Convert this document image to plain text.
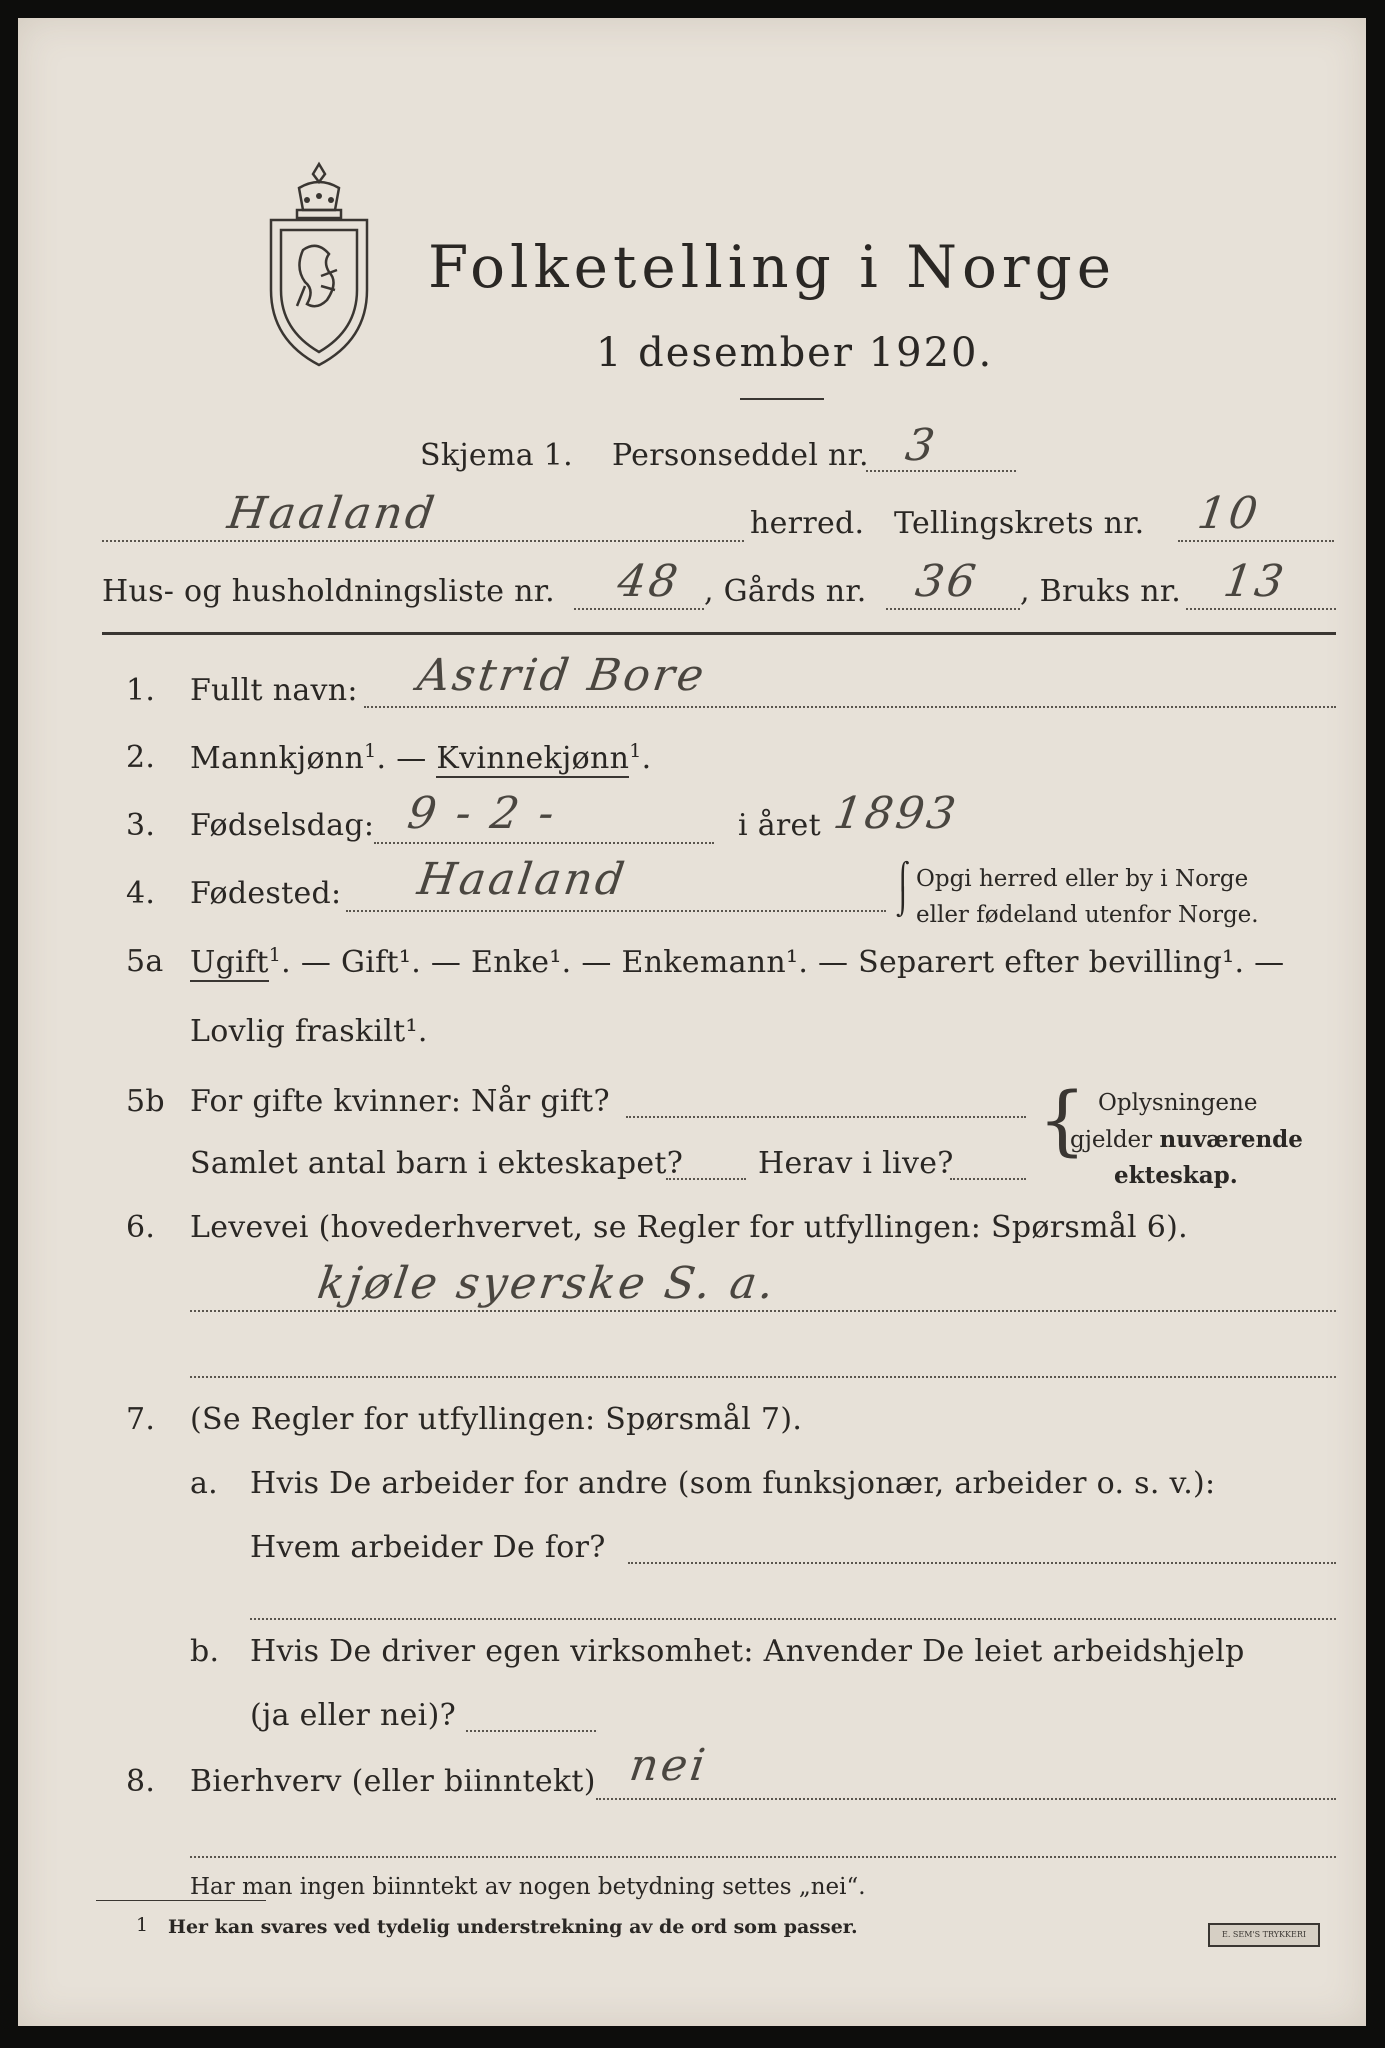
Folketelling i Norge
1 desember 1920.
Skjema 1. Personseddel nr. 3
Haaland	herred. Tellingskrets nr. 10
Hus- og husholdningsliste nr. 48 , Gårds nr. 36 , Bruks nr. 13
1. Fullt navn: Astrid Bore
2. Mannkjønn$^1$. — Kvinnekjønn$^1$.
3. Fødselsdag: 9 - 2 -	i året 1893
4. Fødested: Haaland	⌠
⌡
Opgi herred eller by i Norge
eller fødeland utenfor Norge.
5a Ugift$^1$. — Gift¹. — Enke¹. — Enkemann¹. — Separert efter bevilling¹. —
Lovlig fraskilt¹.
5b For gifte kvinner: Når gift?
Samlet antal barn i ekteskapet? Herav i live? { Oplysningene
gjelder nuværende
ekteskap.
6. Levevei (hovederhvervet, se Regler for utfyllingen: Spørsmål 6).
kjøle syerske S. a.
7. (Se Regler for utfyllingen: Spørsmål 7).
a. Hvis De arbeider for andre (som funksjonær, arbeider o. s. v.):
Hvem arbeider De for?
b. Hvis De driver egen virksomhet: Anvender De leiet arbeidshjelp
(ja eller nei)?
8. Bierhverv (eller biinntekt) nei
Har man ingen biinntekt av nogen betydning settes „nei“.
1 Her kan svares ved tydelig understrekning av de ord som passer.	E. SEM'S TRYKKERI
